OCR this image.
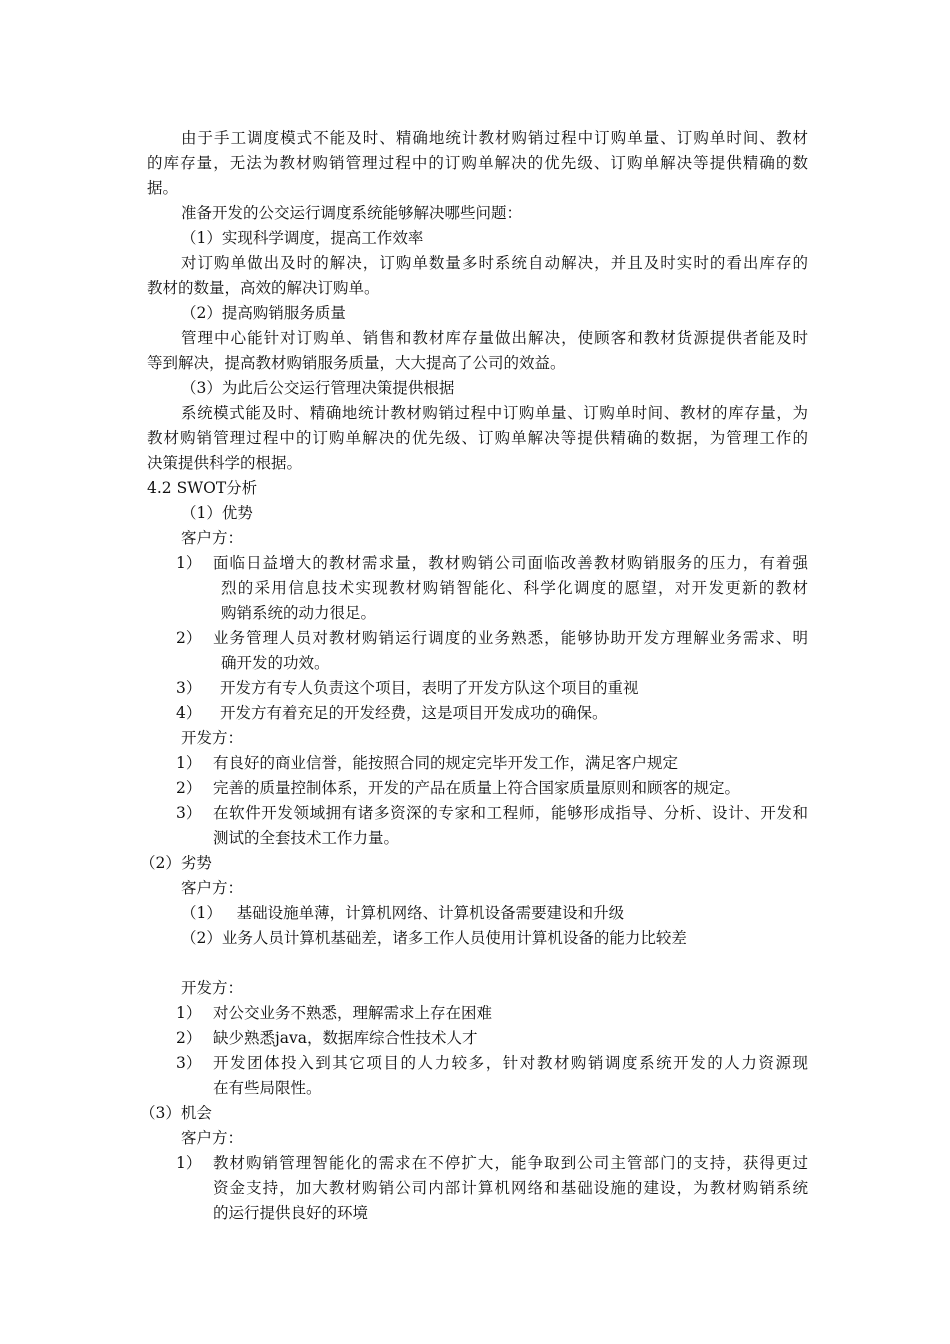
由于手工调度模式不能及时、精确地统计教材购销过程中订购单量、订购单时间、教材
的库存量，无法为教材购销管理过程中的订购单解决的优先级、订购单解决等提供精确的数
据。
准备开发的公交运行调度系统能够解决哪些问题：
（1）实现科学调度，提高工作效率
对订购单做出及时的解决，订购单数量多时系统自动解决，并且及时实时的看出库存的
教材的数量，高效的解决订购单。
（2）提高购销服务质量
管理中心能针对订购单、销售和教材库存量做出解决，使顾客和教材货源提供者能及时
等到解决，提高教材购销服务质量，大大提高了公司的效益。
（3）为此后公交运行管理决策提供根据
系统模式能及时、精确地统计教材购销过程中订购单量、订购单时间、教材的库存量，为
教材购销管理过程中的订购单解决的优先级、订购单解决等提供精确的数据，为管理工作的
决策提供科学的根据。
4.2 SWOT分析
（1）优势
客户方：
1） 面临日益增大的教材需求量，教材购销公司面临改善教材购销服务的压力，有着强
烈的采用信息技术实现教材购销智能化、科学化调度的愿望，对开发更新的教材
购销系统的动力很足。
2） 业务管理人员对教材购销运行调度的业务熟悉，能够协助开发方理解业务需求、明
确开发的功效。
3） 开发方有专人负责这个项目，表明了开发方队这个项目的重视
4） 开发方有着充足的开发经费，这是项目开发成功的确保。
开发方：
1） 有良好的商业信誉，能按照合同的规定完毕开发工作，满足客户规定
2） 完善的质量控制体系，开发的产品在质量上符合国家质量原则和顾客的规定。
3） 在软件开发领域拥有诸多资深的专家和工程师，能够形成指导、分析、设计、开发和
测试的全套技术工作力量。
（2）劣势
客户方：
（1）   基础设施单薄，计算机网络、计算机设备需要建设和升级
（2）业务人员计算机基础差，诸多工作人员使用计算机设备的能力比较差
开发方：
1） 对公交业务不熟悉，理解需求上存在困难
2） 缺少熟悉java，数据库综合性技术人才
3） 开发团体投入到其它项目的人力较多，针对教材购销调度系统开发的人力资源现
在有些局限性。
（3）机会
客户方：
1） 教材购销管理智能化的需求在不停扩大，能争取到公司主管部门的支持，获得更过
资金支持，加大教材购销公司内部计算机网络和基础设施的建设，为教材购销系统
的运行提供良好的环境
